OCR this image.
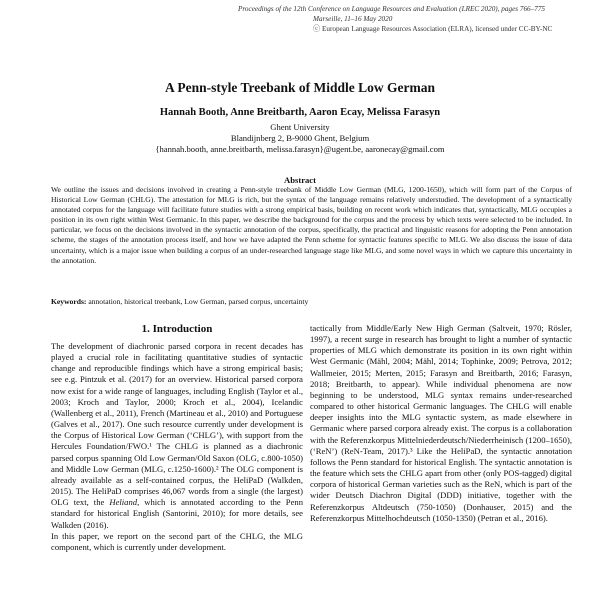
Proceedings of the 12th Conference on Language Resources and Evaluation (LREC 2020), pages 766–775
Marseille, 11–16 May 2020
ⓒ European Language Resources Association (ELRA), licensed under CC-BY-NC
A Penn-style Treebank of Middle Low German
Hannah Booth, Anne Breitbarth, Aaron Ecay, Melissa Farasyn
Ghent University
Blandijnberg 2, B-9000 Ghent, Belgium
{hannah.booth, anne.breitbarth, melissa.farasyn}@ugent.be, aaronecay@gmail.com
Abstract
We outline the issues and decisions involved in creating a Penn-style treebank of Middle Low German (MLG, 1200-1650), which will form part of the Corpus of Historical Low German (CHLG). The attestation for MLG is rich, but the syntax of the language remains relatively understudied. The development of a syntactically annotated corpus for the language will facilitate future studies with a strong empirical basis, building on recent work which indicates that, syntactically, MLG occupies a position in its own right within West Germanic. In this paper, we describe the background for the corpus and the process by which texts were selected to be included. In particular, we focus on the decisions involved in the syntactic annotation of the corpus, specifically, the practical and linguistic reasons for adopting the Penn annotation scheme, the stages of the annotation process itself, and how we have adapted the Penn scheme for syntactic features specific to MLG. We also discuss the issue of data uncertainty, which is a major issue when building a corpus of an under-researched language stage like MLG, and some novel ways in which we capture this uncertainty in the annotation.
Keywords: annotation, historical treebank, Low German, parsed corpus, uncertainty
1. Introduction

The development of diachronic parsed corpora in recent decades has played a crucial role in facilitating quantitative studies of syntactic change and reproducible findings which have a strong empirical basis; see e.g. Pintzuk et al. (2017) for an overview. Historical parsed corpora now exist for a wide range of languages, including English (Taylor et al., 2003; Kroch and Taylor, 2000; Kroch et al., 2004), Icelandic (Wallenberg et al., 2011), French (Martineau et al., 2010) and Portuguese (Galves et al., 2017). One such resource currently under development is the Corpus of Historical Low German (‘CHLG’), with support from the Hercules Foundation/FWO.¹ The CHLG is planned as a diachronic parsed corpus spanning Old Low German/Old Saxon (OLG, c.800-1050) and Middle Low German (MLG, c.1250-1600).² The OLG component is already available as a self-contained corpus, the HeliPaD (Walkden, 2015). The HeliPaD comprises 46,067 words from a single (the largest) OLG text, the Heliand, which is annotated according to the Penn standard for historical English (Santorini, 2010); for more details, see Walkden (2016).

In this paper, we report on the second part of the CHLG, the MLG component, which is currently under development.

tactically from Middle/Early New High German (Saltveit, 1970; Rösler, 1997), a recent surge in research has brought to light a number of syntactic properties of MLG which demonstrate its position in its own right within West Germanic (Mähl, 2004; Mähl, 2014; Tophinke, 2009; Petrova, 2012; Wallmeier, 2015; Merten, 2015; Farasyn and Breitbarth, 2016; Farasyn, 2018; Breitbarth, to appear). While individual phenomena are now beginning to be understood, MLG syntax remains under-researched compared to other historical Germanic languages. The CHLG will enable deeper insights into the MLG syntactic system, as made elsewhere in Germanic where parsed corpora already exist. The corpus is a collaboration with the Referenzkorpus Mittelniederdeutsch/Niederrheinisch (1200–1650), (‘ReN’) (ReN-Team, 2017).³ Like the HeliPaD, the syntactic annotation follows the Penn standard for historical English. The syntactic annotation is the feature which sets the CHLG apart from other (only POS-tagged) digital corpora of historical German varieties such as the ReN, which is part of the wider Deutsch Diachron Digital (DDD) initiative, together with the Referenzkorpus Altdeutsch (750-1050) (Donhauser, 2015) and the Referenzkorpus Mittelhochdeutsch (1050-1350) (Petran et al., 2016).
